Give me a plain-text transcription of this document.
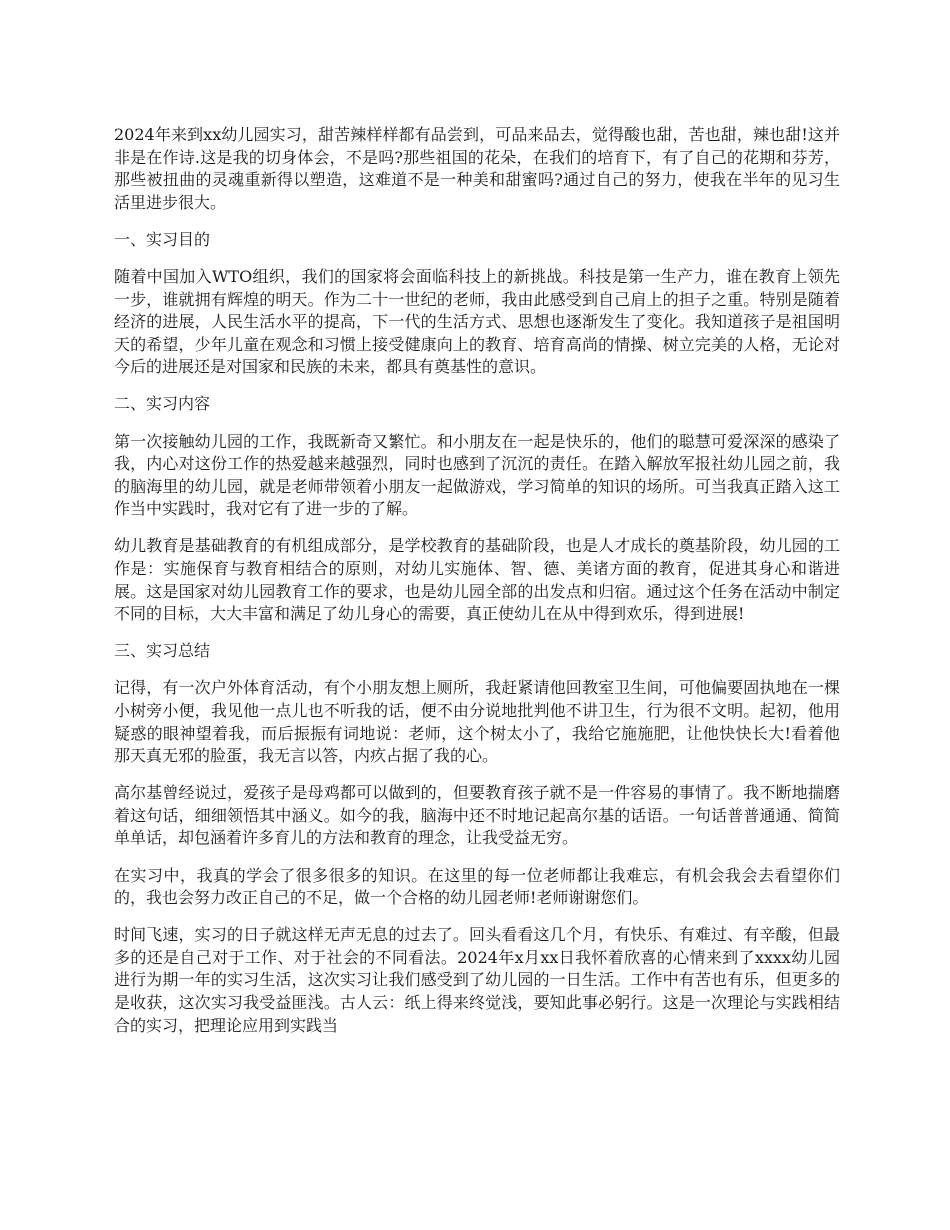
2024年来到xx幼儿园实习，甜苦辣样样都有品尝到，可品来品去，觉得酸也甜，苦也甜，辣也甜!这并非是在作诗.这是我的切身体会，不是吗?那些祖国的花朵，在我们的培育下，有了自己的花期和芬芳，那些被扭曲的灵魂重新得以塑造，这难道不是一种美和甜蜜吗?通过自己的努力，使我在半年的见习生活里进步很大。

一、实习目的

随着中国加入WTO组织，我们的国家将会面临科技上的新挑战。科技是第一生产力，谁在教育上领先一步，谁就拥有辉煌的明天。作为二十一世纪的老师，我由此感受到自己肩上的担子之重。特别是随着经济的进展，人民生活水平的提高，下一代的生活方式、思想也逐渐发生了变化。我知道孩子是祖国明天的希望，少年儿童在观念和习惯上接受健康向上的教育、培育高尚的情操、树立完美的人格，无论对今后的进展还是对国家和民族的未来，都具有奠基性的意识。

二、实习内容

第一次接触幼儿园的工作，我既新奇又繁忙。和小朋友在一起是快乐的，他们的聪慧可爱深深的感染了我，内心对这份工作的热爱越来越强烈，同时也感到了沉沉的责任。在踏入解放军报社幼儿园之前，我的脑海里的幼儿园，就是老师带领着小朋友一起做游戏，学习简单的知识的场所。可当我真正踏入这工作当中实践时，我对它有了进一步的了解。

幼儿教育是基础教育的有机组成部分，是学校教育的基础阶段，也是人才成长的奠基阶段，幼儿园的工作是：实施保育与教育相结合的原则，对幼儿实施体、智、德、美诸方面的教育，促进其身心和谐进展。这是国家对幼儿园教育工作的要求，也是幼儿园全部的出发点和归宿。通过这个任务在活动中制定不同的目标，大大丰富和满足了幼儿身心的需要，真正使幼儿在从中得到欢乐，得到进展!

三、实习总结

记得，有一次户外体育活动，有个小朋友想上厕所，我赶紧请他回教室卫生间，可他偏要固执地在一棵小树旁小便，我见他一点儿也不听我的话，便不由分说地批判他不讲卫生，行为很不文明。起初，他用疑惑的眼神望着我，而后振振有词地说：老师，这个树太小了，我给它施施肥，让他快快长大!看着他那天真无邪的脸蛋，我无言以答，内疚占据了我的心。

高尔基曾经说过，爱孩子是母鸡都可以做到的，但要教育孩子就不是一件容易的事情了。我不断地揣磨着这句话，细细领悟其中涵义。如今的我，脑海中还不时地记起高尔基的话语。一句话普普通通、简简单单话，却包涵着许多育儿的方法和教育的理念，让我受益无穷。

在实习中，我真的学会了很多很多的知识。在这里的每一位老师都让我难忘，有机会我会去看望你们的，我也会努力改正自己的不足，做一个合格的幼儿园老师!老师谢谢您们。

时间飞速，实习的日子就这样无声无息的过去了。回头看看这几个月，有快乐、有难过、有辛酸，但最多的还是自己对于工作、对于社会的不同看法。2024年x月xx日我怀着欣喜的心情来到了xxxx幼儿园进行为期一年的实习生活，这次实习让我们感受到了幼儿园的一日生活。工作中有苦也有乐，但更多的是收获，这次实习我受益匪浅。古人云：纸上得来终觉浅，要知此事必躬行。这是一次理论与实践相结合的实习，把理论应用到实践当
